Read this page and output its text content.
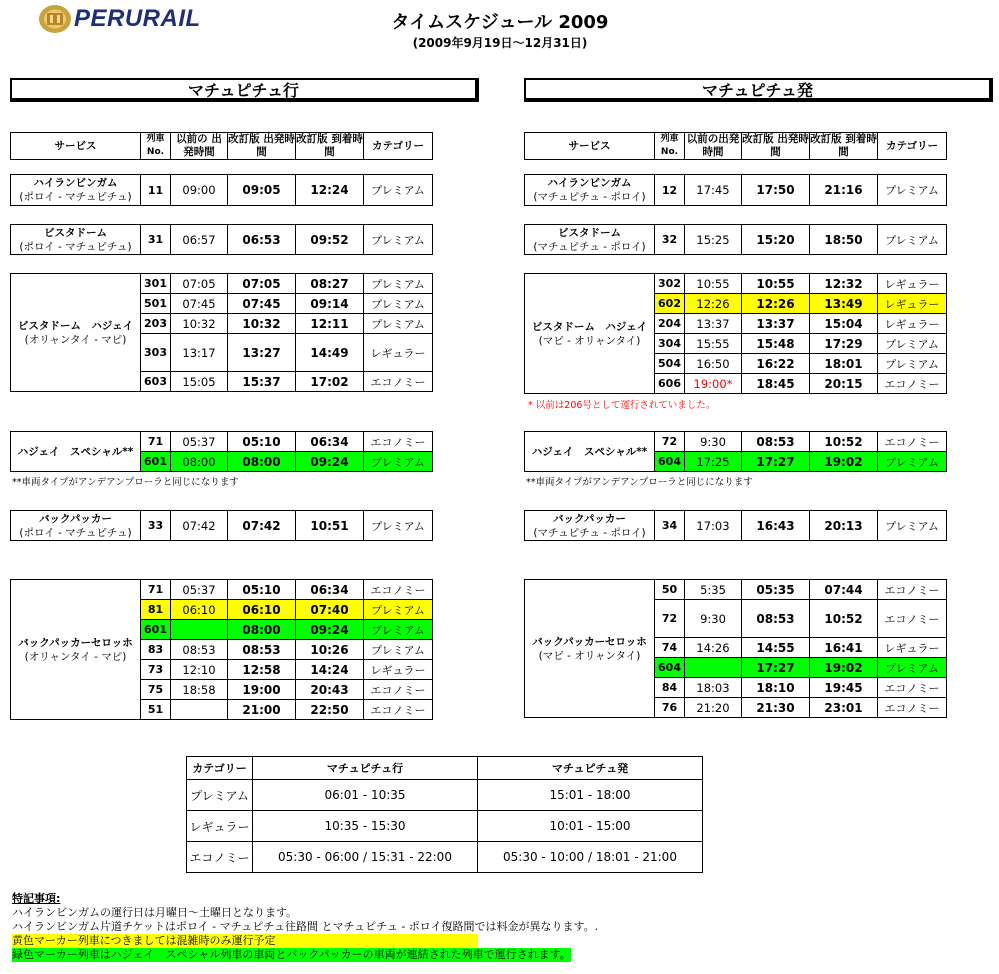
PERURAIL	タイムスケジュール 2009
(2009年9月19日～12月31日)
マチュピチュ行	マチュピチュ発
サービス	列車No.	以前の 出発時間	改訂版 出発時間	改訂版 到着時間	カテゴリー
ハイランビンガム
(ポロイ - マチュピチュ)
	11	09:00	09:05	12:24	プレミアム
ビスタドーム
(ポロイ - マチュピチュ)
	31	06:57	06:53	09:52	プレミアム
ビスタドーム　ハジェイ
(オリャンタイ - マピ)	301	07:05	07:05	08:27	プレミアム
	501	07:45	07:45	09:14	プレミアム
	203	10:32	10:32	12:11	プレミアム
	303	13:17	13:27	14:49	レギュラー
	603	15:05	15:37	17:02	エコノミー
ハジェイ　スペシャル**	71	05:37	05:10	06:34	エコノミー
	601	08:00	08:00	09:24	プレミアム
バックパッカー
(ポロイ - マチュピチュ)
	33	07:42	07:42	10:51	プレミアム
バックパッカーセロッホ
(オリャンタイ - マピ)	71	05:37	05:10	06:34	エコノミー
	81	06:10	06:10	07:40	プレミアム
	601		08:00	09:24	プレミアム
	83	08:53	08:53	10:26	プレミアム
	73	12:10	12:58	14:24	レギュラー
	75	18:58	19:00	20:43	エコノミー
	51		21:00	22:50	エコノミー
サービス	列車No.	以前の出発 時間	改訂版 出発時間	改訂版 到着時間	カテゴリー
ハイランビンガム
(マチュピチュ - ポロイ)
	12	17:45	17:50	21:16	プレミアム
ビスタドーム
(マチュピチュ - ポロイ)
	32	15:25	15:20	18:50	プレミアム
ビスタドーム　ハジェイ
(マピ - オリャンタイ)	302	10:55	10:55	12:32	レギュラー
	602	12:26	12:26	13:49	レギュラー
	204	13:37	13:37	15:04	レギュラー
	304	15:55	15:48	17:29	プレミアム
	504	16:50	16:22	18:01	プレミアム
	606	19:00*	18:45	20:15	エコノミー
ハジェイ　スペシャル**	72	9:30	08:53	10:52	エコノミー
	604	17:25	17:27	19:02	プレミアム
バックパッカー
(マチュピチュ - ポロイ)
	34	17:03	16:43	20:13	プレミアム
バックパッカーセロッホ
(マピ - オリャンタイ)	50	5:35	05:35	07:44	エコノミー
	72	9:30	08:53	10:52	エコノミー
	74	14:26	14:55	16:41	レギュラー
	604		17:27	19:02	プレミアム
	84	18:03	18:10	19:45	エコノミー
	76	21:20	21:30	23:01	エコノミー
* 以前は206号として運行されていました。
**車両タイプがアンデアンプローラと同じになります	**車両タイプがアンデアンプローラと同じになります
カテゴリー	マチュピチュ行	マチュピチュ発
プレミアム	06:01 - 10:35	15:01 - 18:00
レギュラー	10:35 - 15:30	10:01 - 15:00
エコノミー	05:30 - 06:00 / 15:31 - 22:00	05:30 - 10:00 / 18:01 - 21:00
特記事項:
ハイランビンガムの運行日は月曜日～土曜日となります。
ハイランビンガム片道チケットはポロイ - マチュピチュ往路間 とマチュピチュ - ポロイ復路間では料金が異なります。.
黄色マーカー列車につきましては混雑時のみ運行予定
緑色マーカー列車はハジェイ　スペシャル列車の車両とバックパッカーの車両が連結された列車で運行されます。
